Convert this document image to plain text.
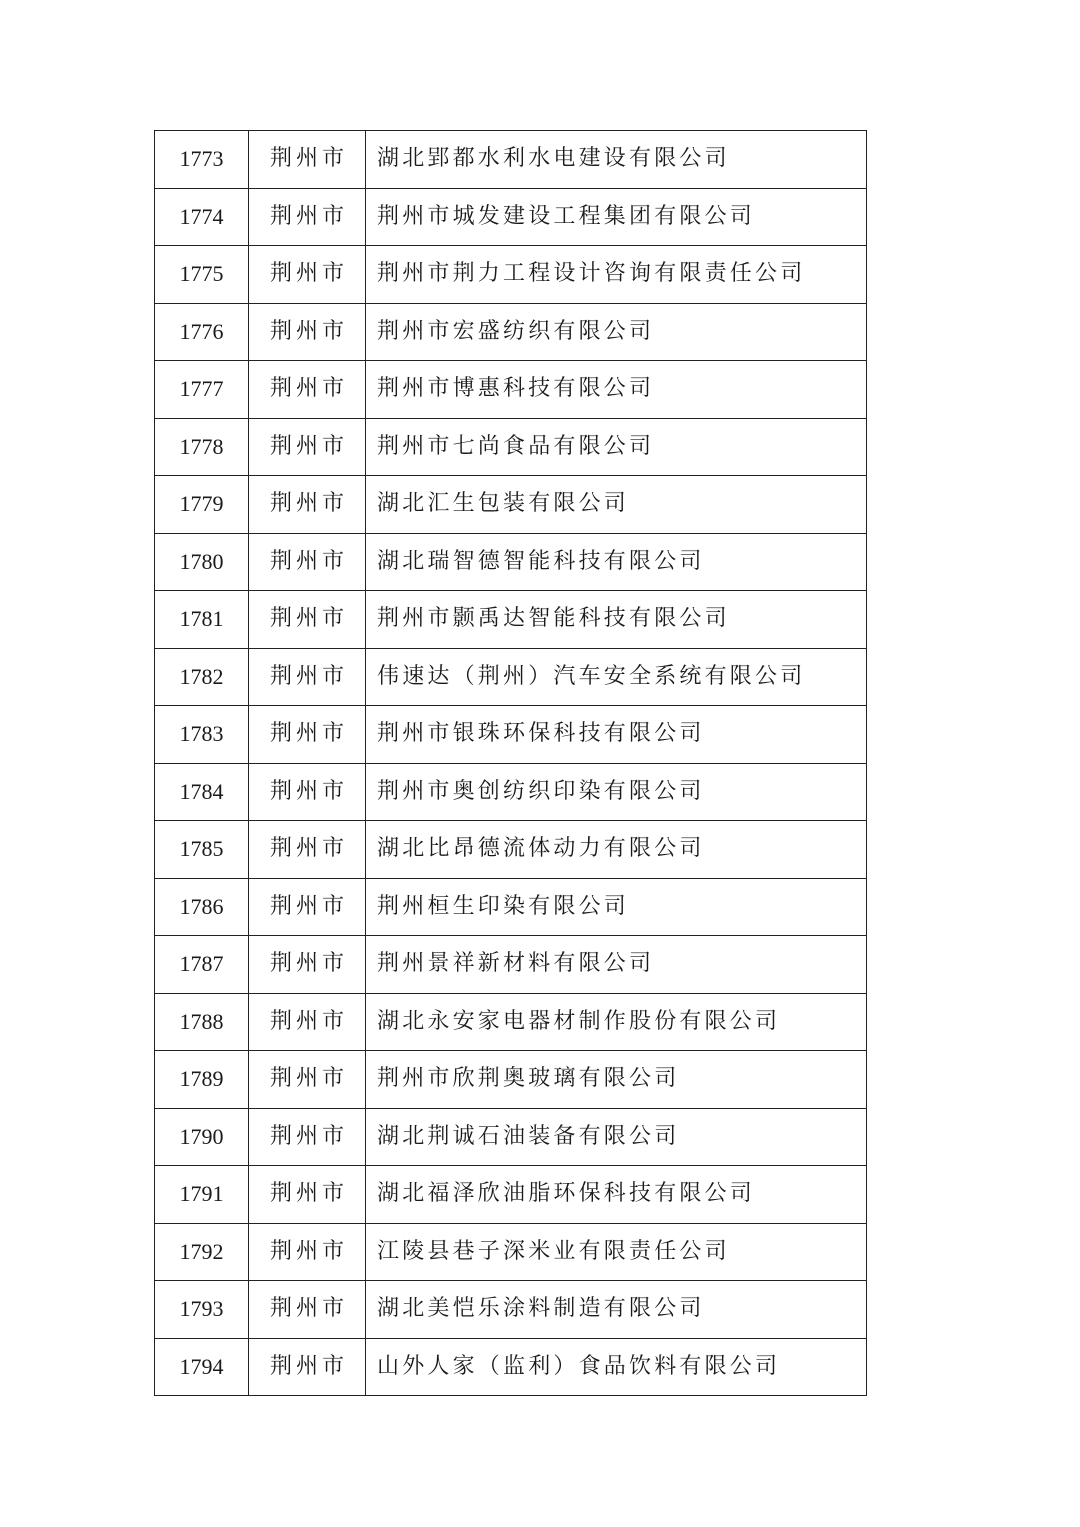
1773	荆州市	湖北郢都水利水电建设有限公司
1774	荆州市	荆州市城发建设工程集团有限公司
1775	荆州市	荆州市荆力工程设计咨询有限责任公司
1776	荆州市	荆州市宏盛纺织有限公司
1777	荆州市	荆州市博惠科技有限公司
1778	荆州市	荆州市七尚食品有限公司
1779	荆州市	湖北汇生包装有限公司
1780	荆州市	湖北瑞智德智能科技有限公司
1781	荆州市	荆州市颢禹达智能科技有限公司
1782	荆州市	伟速达（荆州）汽车安全系统有限公司
1783	荆州市	荆州市银珠环保科技有限公司
1784	荆州市	荆州市奥创纺织印染有限公司
1785	荆州市	湖北比昂德流体动力有限公司
1786	荆州市	荆州桓生印染有限公司
1787	荆州市	荆州景祥新材料有限公司
1788	荆州市	湖北永安家电器材制作股份有限公司
1789	荆州市	荆州市欣荆奥玻璃有限公司
1790	荆州市	湖北荆诚石油装备有限公司
1791	荆州市	湖北福泽欣油脂环保科技有限公司
1792	荆州市	江陵县巷子深米业有限责任公司
1793	荆州市	湖北美恺乐涂料制造有限公司
1794	荆州市	山外人家（监利）食品饮料有限公司
